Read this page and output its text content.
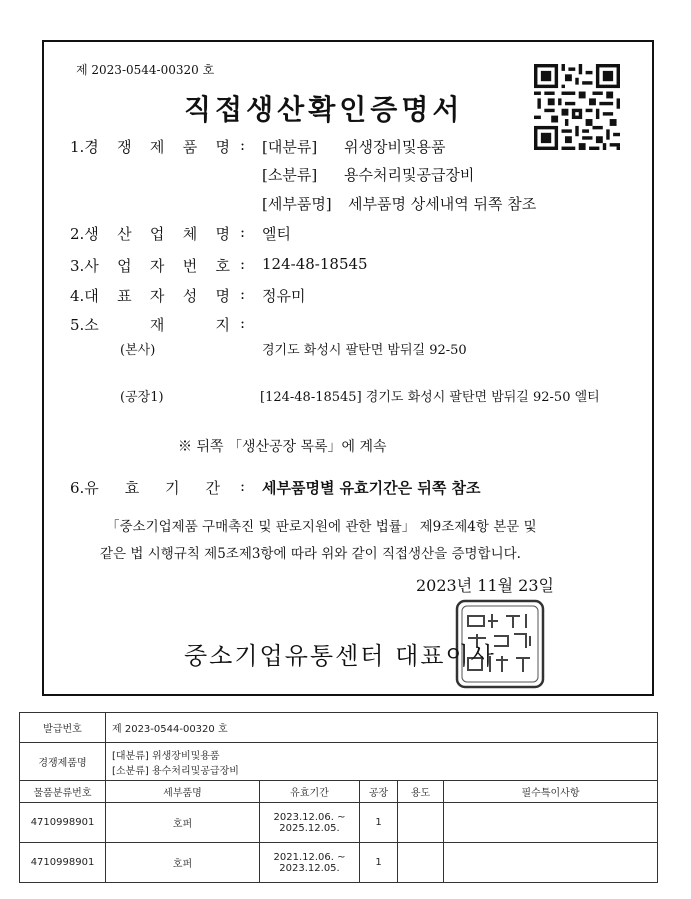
제 2023-0544-00320 호
직접생산확인증명서
1.경 쟁 제 품 명 : [대분류] 위생장비및용품
[소분류] 용수처리및공급장비
[세부품명] 세부품명 상세내역 뒤쪽 참조
2.생 산 업 체 명 : 엘티
3.사 업 자 번 호 : 124-48-18545
4.대 표 자 성 명 : 정유미
5.소	재	지 :
(본사)	경기도 화성시 팔탄면 밤뒤길 92-50
(공장1)	[124-48-18545] 경기도 화성시 팔탄면 밤뒤길 92-50 엘티
※ 뒤쪽 「생산공장 목록」에 계속
6.유 효 기 간 : 세부품명별 유효기간은 뒤쪽 참조
「중소기업제품 구매촉진 및 판로지원에 관한 법률」 제9조제4항 본문 및
같은 법 시행규칙 제5조제3항에 따라 위와 같이 직접생산을 증명합니다.
2023년 11월 23일
중소기업유통센터 대표이사
발급번호	제 2023-0544-00320 호				
경쟁제품명	[대분류] 위생장비및용품
[소분류] 용수처리및공급장비				

물품분류번호	세부품명	유효기간	공장	용도	필수특이사항
4710998901	호퍼	2023.12.06. ~
2025.12.05.	1		
4710998901	호퍼	2021.12.06. ~
2023.12.05.	1		
